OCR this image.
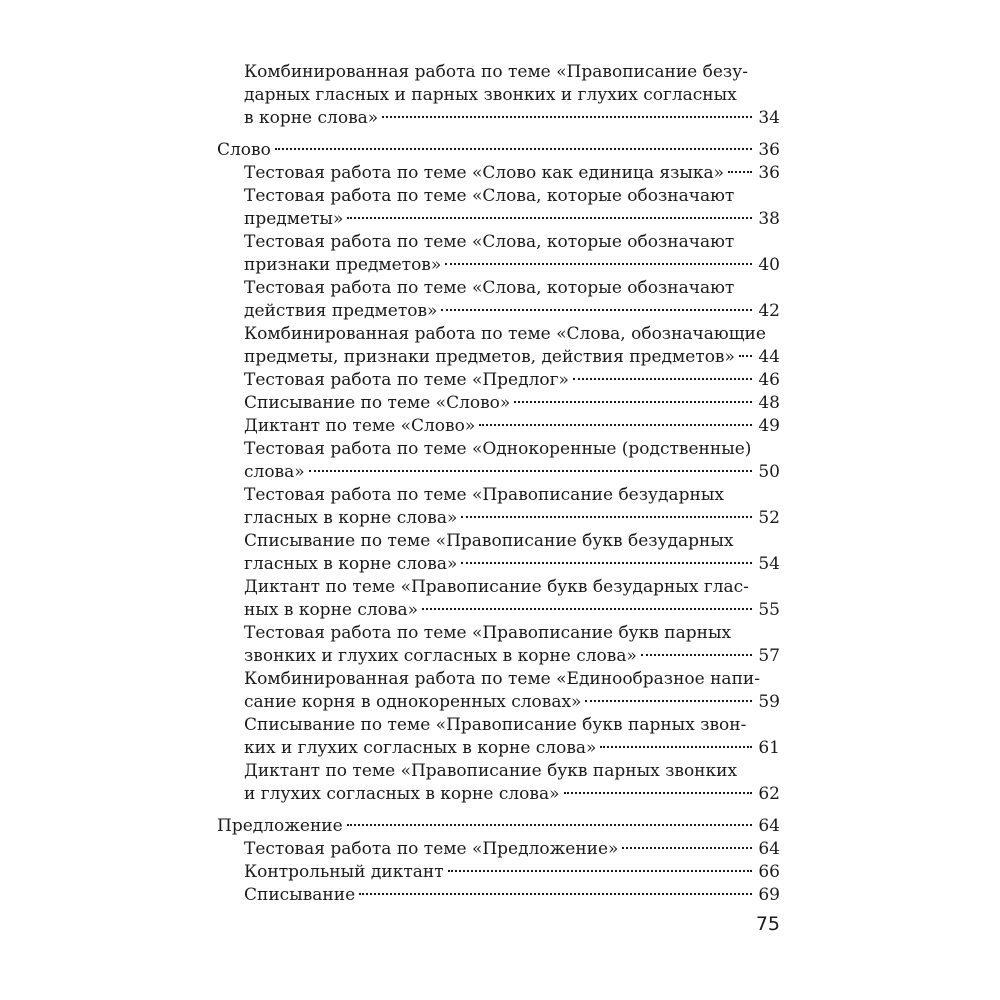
Комбинированная работа по теме «Правописание безу-
дарных гласных и парных звонких и глухих согласных
в корне слова»	34
Слово	36
Тестовая работа по теме «Слово как единица языка» 36
Тестовая работа по теме «Слова, которые обозначают
предметы»	38
Тестовая работа по теме «Слова, которые обозначают
признаки предметов»	40
Тестовая работа по теме «Слова, которые обозначают
действия предметов»	42
Комбинированная работа по теме «Слова, обозначающие
предметы, признаки предметов, действия предметов» 44
Тестовая работа по теме «Предлог»	46
Списывание по теме «Слово»	48
Диктант по теме «Слово»	49
Тестовая работа по теме «Однокоренные (родственные)
слова»	50
Тестовая работа по теме «Правописание безударных
гласных в корне слова»	52
Списывание по теме «Правописание букв безударных
гласных в корне слова»	54
Диктант по теме «Правописание букв безударных глас-
ных в корне слова»	55
Тестовая работа по теме «Правописание букв парных
звонких и глухих согласных в корне слова»	57
Комбинированная работа по теме «Единообразное напи-
сание корня в однокоренных словах»	59
Списывание по теме «Правописание букв парных звон-
ких и глухих согласных в корне слова»	61
Диктант по теме «Правописание букв парных звонких
и глухих согласных в корне слова»	62
Предложение	64
Тестовая работа по теме «Предложение»	64
Контрольный диктант	66
Списывание	69
75
